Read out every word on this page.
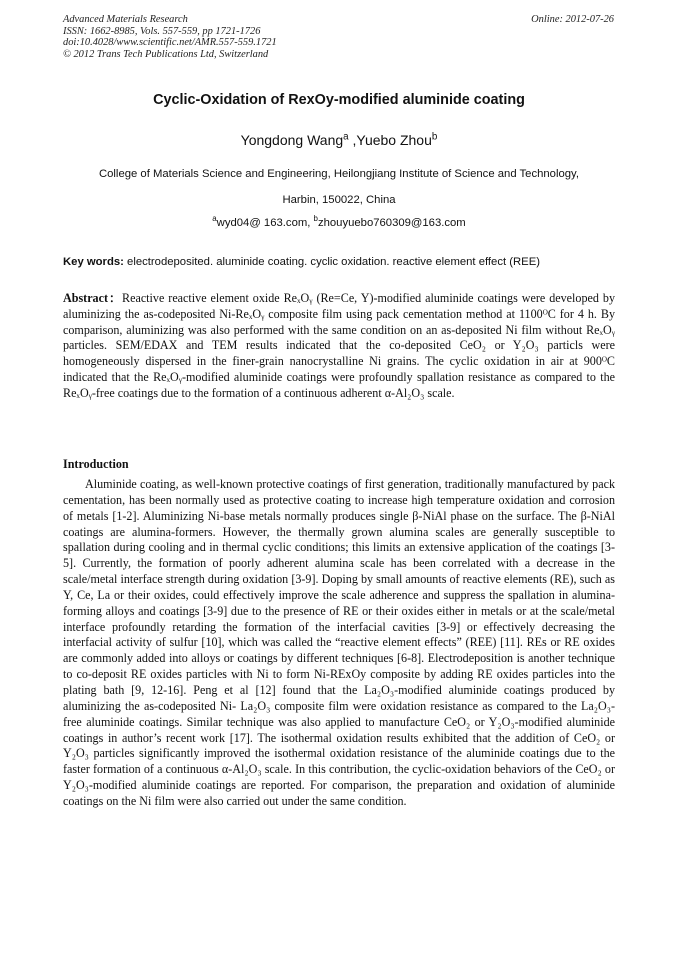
Advanced Materials Research
ISSN: 1662-8985, Vols. 557-559, pp 1721-1726
doi:10.4028/www.scientific.net/AMR.557-559.1721
© 2012 Trans Tech Publications Ltd, Switzerland
Online: 2012-07-26
Cyclic-Oxidation of RexOy-modified aluminide coating
Yongdong Wang$^a$ ,Yuebo Zhou$^b$
College of Materials Science and Engineering, Heilongjiang Institute of Science and Technology,
Harbin, 150022, China
$^a$wyd04@ 163.com, $^b$zhouyuebo760309@163.com
Key words: electrodeposited. aluminide coating. cyclic oxidation. reactive element effect (REE)
Abstract：Reactive reactive element oxide ReₓOᵧ (Re=Ce, Y)-modified aluminide coatings were developed by aluminizing the as-codeposited Ni-ReₓOᵧ composite film using pack cementation method at 1100ᴼC for 4 h. By comparison, aluminizing was also performed with the same condition on an as-deposited Ni film without ReₓOᵧ particles. SEM/EDAX and TEM results indicated that the co-deposited CeO₂ or Y₂O₃ particls were homogeneously dispersed in the finer-grain nanocrystalline Ni grains. The cyclic oxidation in air at 900ᴼC indicated that the ReₓOᵧ-modified aluminide coatings were profoundly spallation resistance as compared to the ReₓOᵧ-free coatings due to the formation of a continuous adherent α-Al₂O₃ scale.
Introduction
Aluminide coating, as well-known protective coatings of first generation, traditionally manufactured by pack cementation, has been normally used as protective coating to increase high temperature oxidation and corrosion of metals [1-2]. Aluminizing Ni-base metals normally produces single β-NiAl phase on the surface. The β-NiAl coatings are alumina-formers. However, the thermally grown alumina scales are generally susceptible to spallation during cooling and in thermal cyclic conditions; this limits an extensive application of the coatings [3-5]. Currently, the formation of poorly adherent alumina scale has been correlated with a decrease in the scale/metal interface strength during oxidation [3-9]. Doping by small amounts of reactive elements (RE), such as Y, Ce, La or their oxides, could effectively improve the scale adherence and suppress the spallation in alumina-forming alloys and coatings [3-9] due to the presence of RE or their oxides either in metals or at the scale/metal interface profoundly retarding the formation of the interfacial cavities [3-9] or effectively decreasing the interfacial activity of sulfur [10], which was called the “reactive element effects” (REE) [11]. REs or RE oxides are commonly added into alloys or coatings by different techniques [6-8]. Electrodeposition is another technique to co-deposit RE oxides particles with Ni to form Ni-RExOy composite by adding RE oxides particles into the plating bath [9, 12-16]. Peng et al [12] found that the La₂O₃-modified aluminide coatings produced by aluminizing the as-codeposited Ni- La₂O₃ composite film were oxidation resistance as compared to the La₂O₃-free aluminide coatings. Similar technique was also applied to manufacture CeO₂ or Y₂O₃-modified aluminide coatings in author’s recent work [17]. The isothermal oxidation results exhibited that the addition of CeO₂ or Y₂O₃ particles significantly improved the isothermal oxidation resistance of the aluminide coatings due to the faster formation of a continuous α-Al₂O₃ scale. In this contribution, the cyclic-oxidation behaviors of the CeO₂ or Y₂O₃-modified aluminide coatings are reported. For comparison, the preparation and oxidation of aluminide coatings on the Ni film were also carried out under the same condition.
